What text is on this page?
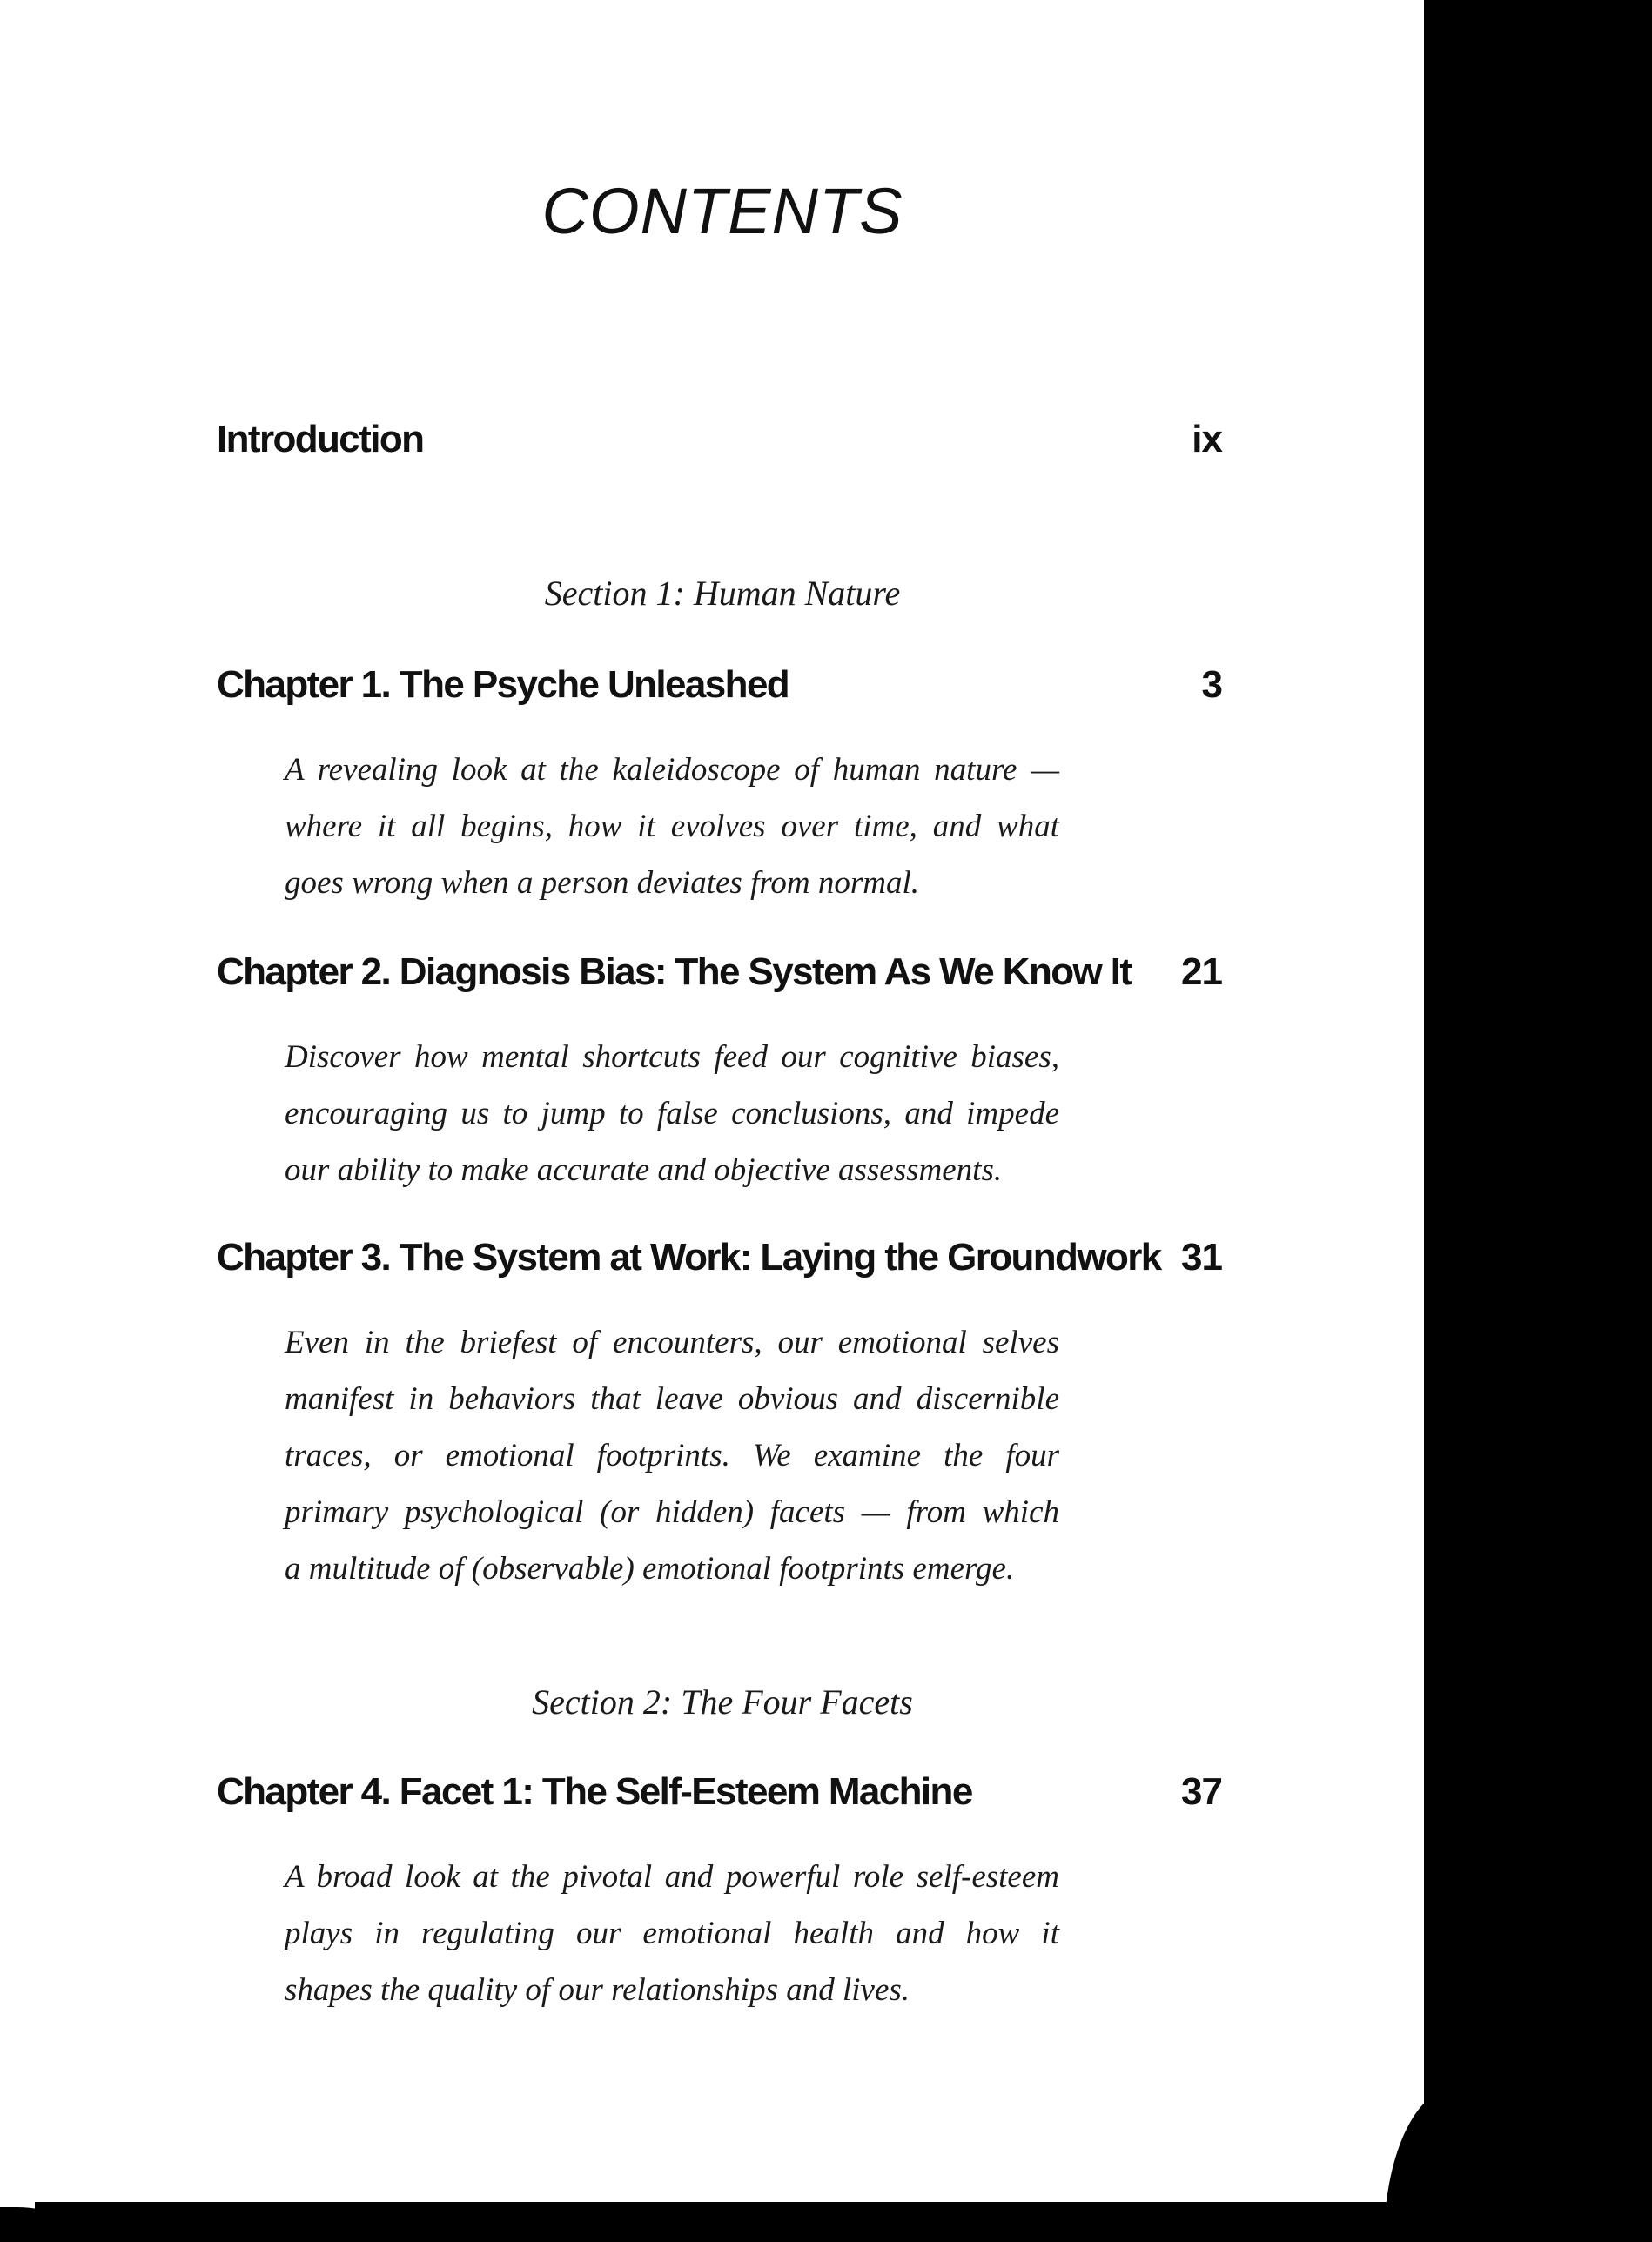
CONTENTS
Introduction	ix
Section 1: Human Nature
Chapter 1. The Psyche Unleashed	3

A revealing look at the kaleidoscope of human nature —
where it all begins, how it evolves over time, and what
goes wrong when a person deviates from normal.

Chapter 2. Diagnosis Bias: The System As We Know It 21

Discover how mental shortcuts feed our cognitive biases,
encouraging us to jump to false conclusions, and impede
our ability to make accurate and objective assessments.

Chapter 3. The System at Work: Laying the Groundwork 31

Even in the briefest of encounters, our emotional selves
manifest in behaviors that leave obvious and discernible
traces, or emotional footprints. We examine the four
primary psychological (or hidden) facets — from which
a multitude of (observable) emotional footprints emerge.

Section 2: The Four Facets
Chapter 4. Facet 1: The Self-Esteem Machine	37

A broad look at the pivotal and powerful role self-esteem
plays in regulating our emotional health and how it
shapes the quality of our relationships and lives.
